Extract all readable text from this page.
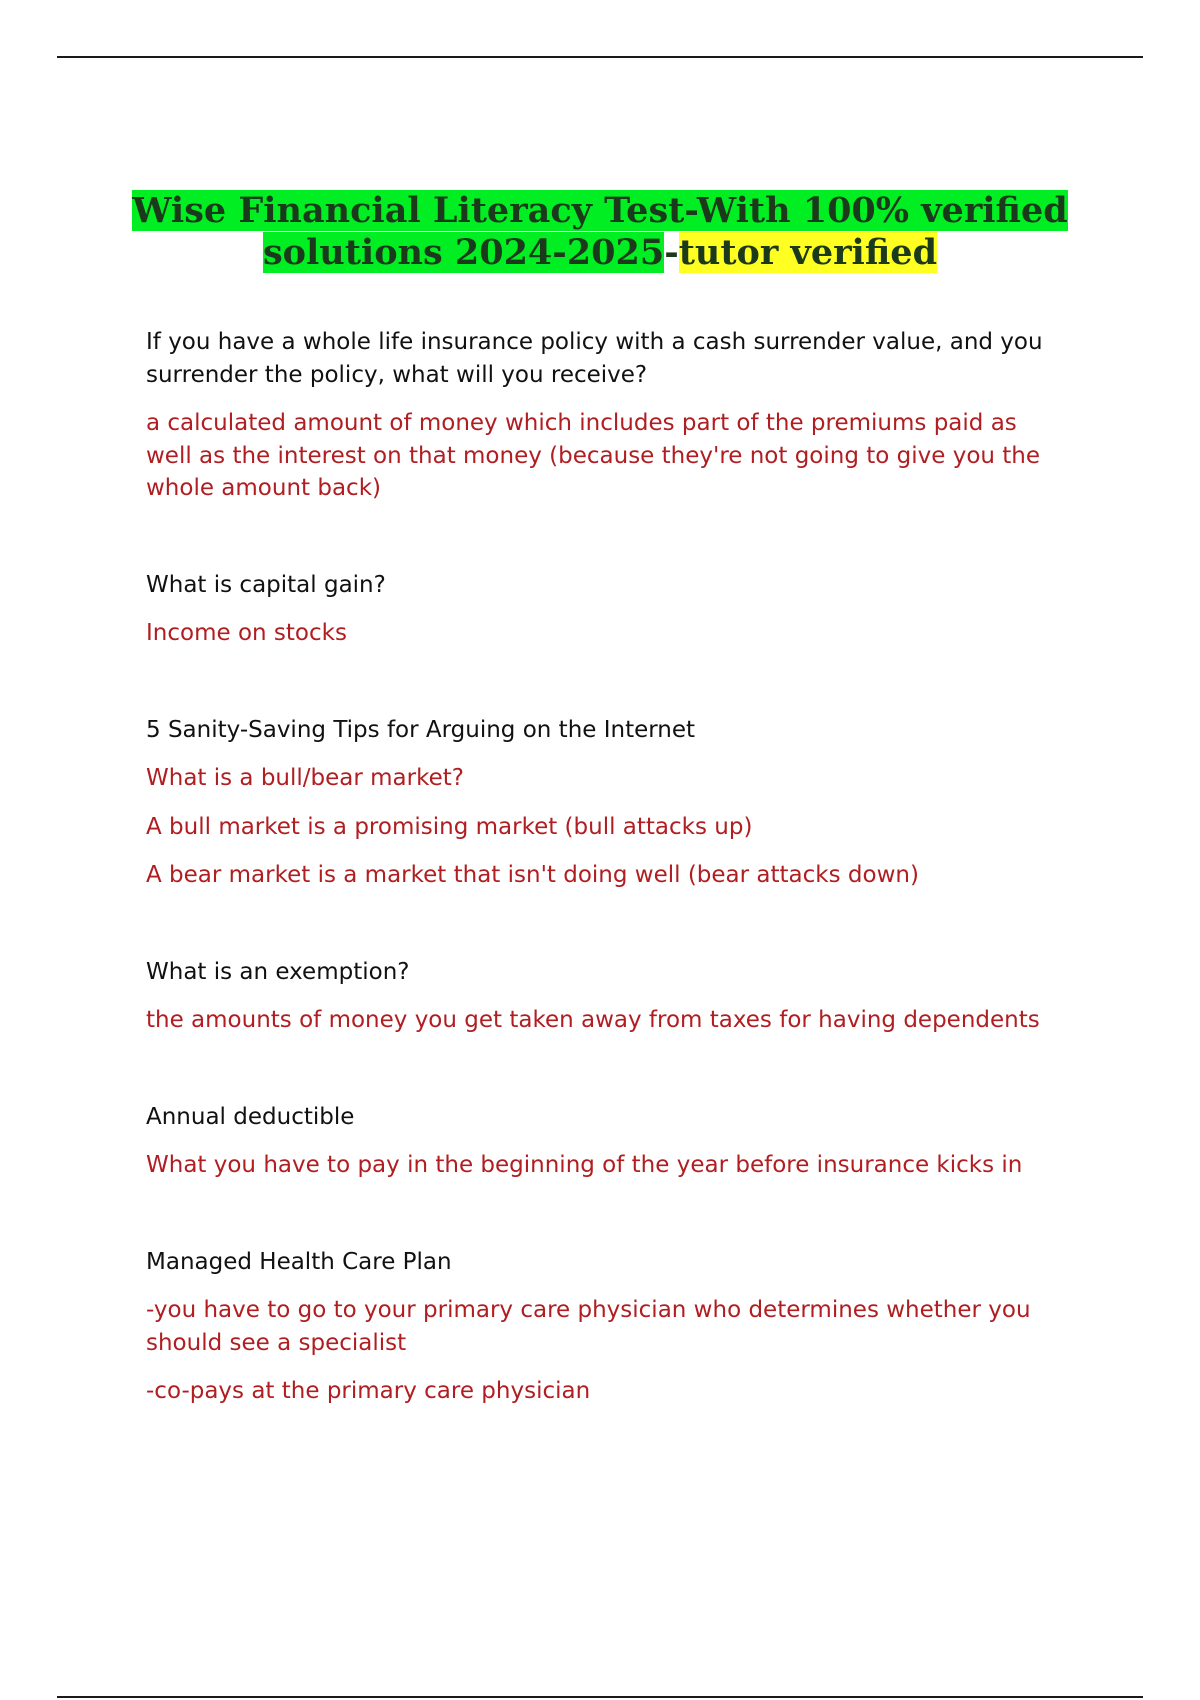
Wise Financial Literacy Test-With 100% verified
solutions 2024-2025-tutor verified
If you have a whole life insurance policy with a cash surrender value, and you surrender the policy, what will you receive?
a calculated amount of money which includes part of the premiums paid as well as the interest on that money (because they're not going to give you the whole amount back)
What is capital gain?
Income on stocks
5 Sanity-Saving Tips for Arguing on the Internet
What is a bull/bear market?
A bull market is a promising market (bull attacks up)
A bear market is a market that isn't doing well (bear attacks down)
What is an exemption?
the amounts of money you get taken away from taxes for having dependents
Annual deductible
What you have to pay in the beginning of the year before insurance kicks in
Managed Health Care Plan
-you have to go to your primary care physician who determines whether you should see a specialist
-co-pays at the primary care physician
